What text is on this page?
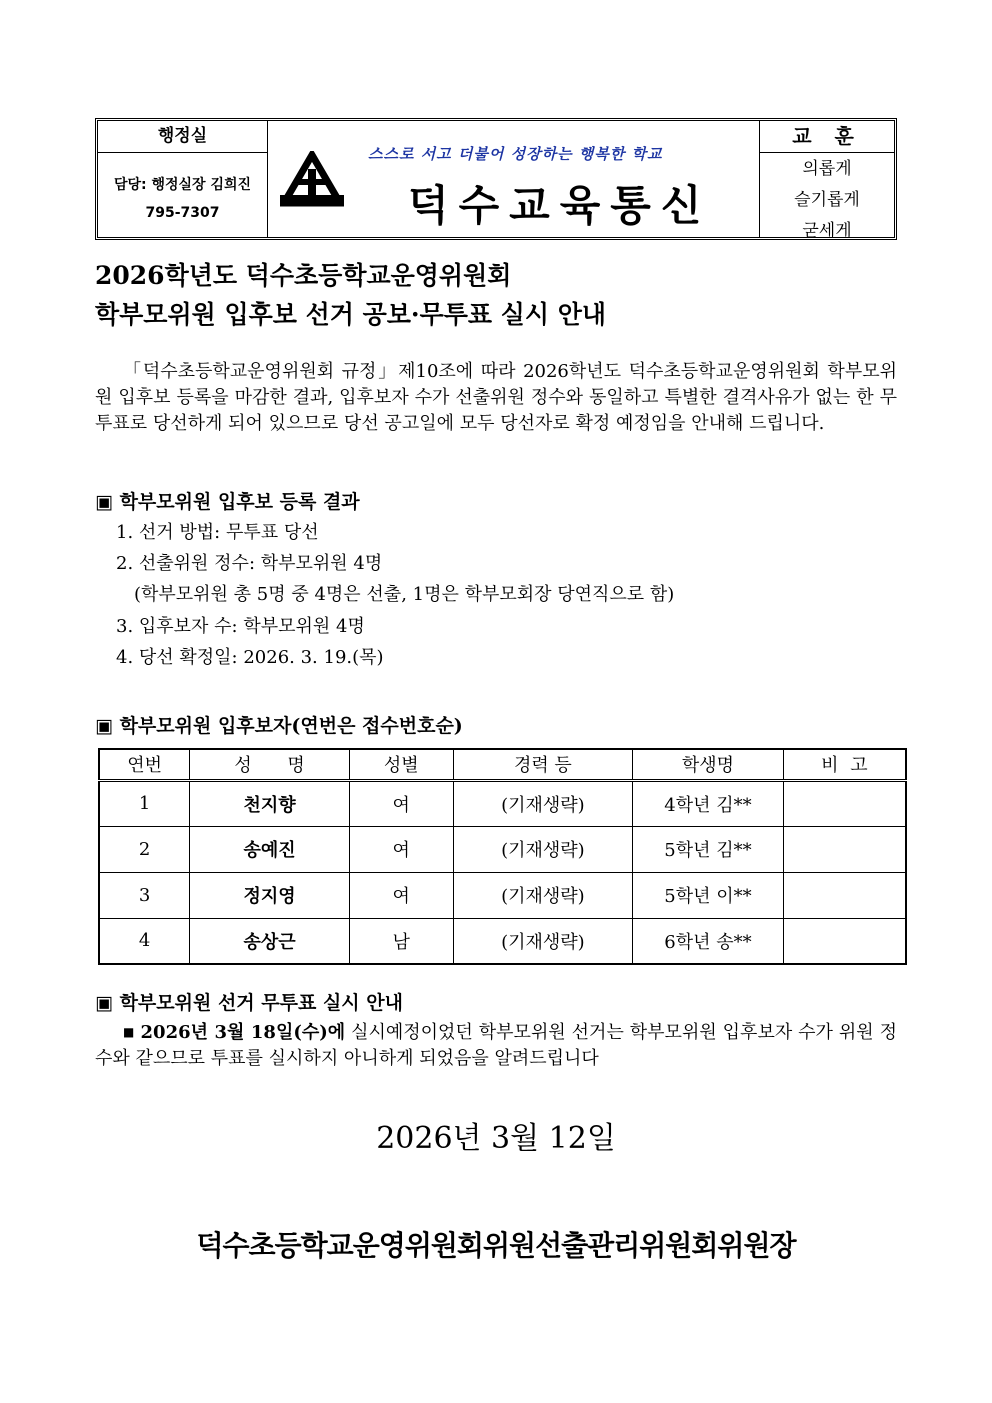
행정실
담당: 행정실장 김희진
795-7307
스스로 서고 더불어 성장하는 행복한 학교
덕수교육통신
교 훈
의롭게
슬기롭게
굳세게
2026학년도 덕수초등학교운영위원회
학부모위원 입후보 선거 공보·무투표 실시 안내
「덕수초등학교운영위원회 규정」제10조에 따라 2026학년도 덕수초등학교운영위원회 학부모위원 입후보 등록을 마감한 결과, 입후보자 수가 선출위원 정수와 동일하고 특별한 결격사유가 없는 한 무투표로 당선하게 되어 있으므로 당선 공고일에 모두 당선자로 확정 예정임을 안내해 드립니다.
▣ 학부모위원 입후보 등록 결과
1. 선거 방법: 무투표 당선
2. 선출위원 정수: 학부모위원 4명
(학부모위원 총 5명 중 4명은 선출, 1명은 학부모회장 당연직으로 함)
3. 입후보자 수: 학부모위원 4명
4. 당선 확정일: 2026. 3. 19.(목)
▣ 학부모위원 입후보자(연번은 접수번호순)
연번	성 명	성별	경력 등	학생명	비 고
1	천지향	여	(기재생략)	4학년 김**	
2	송예진	여	(기재생략)	5학년 김**	
3	정지영	여	(기재생략)	5학년 이**	
4	송상근	남	(기재생략)	6학년 송**	
▣ 학부모위원 선거 무투표 실시 안내
■ 2026년 3월 18일(수)에 실시예정이었던 학부모위원 선거는 학부모위원 입후보자 수가 위원 정수와 같으므로 투표를 실시하지 아니하게 되었음을 알려드립니다
2026년 3월 12일
덕수초등학교운영위원회위원선출관리위원회위원장
